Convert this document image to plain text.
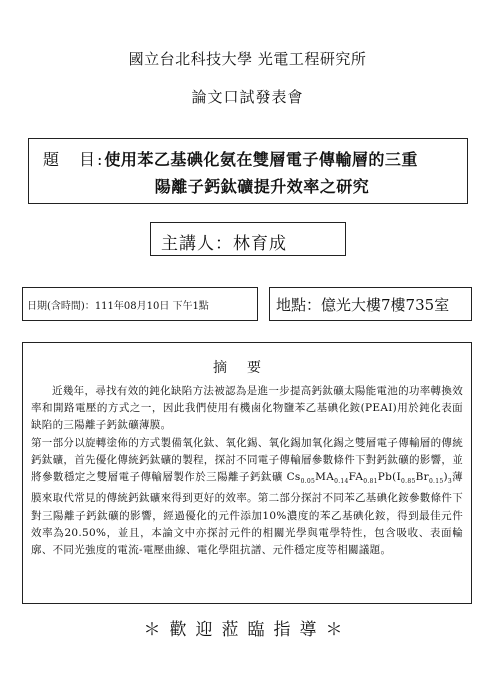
國立台北科技大學 光電工程研究所
論文口試發表會
題　目:使用苯乙基碘化氨在雙層電子傳輸層的三重
陽離子鈣鈦礦提升效率之研究
主講人：林育成
日期(含時間)：111年08月10日 下午1點	地點：億光大樓7樓735室
摘要

近幾年，尋找有效的鈍化缺陷方法被認為是進一步提高鈣鈦礦太陽能電池的功率轉換效率和開路電壓的方式之一，因此我們使用有機鹵化物鹽苯乙基碘化銨(PEAI)用於鈍化表面缺陷的三陽離子鈣鈦礦薄膜。

第一部分以旋轉塗佈的方式製備氧化鈦、氧化錫、氧化錫加氧化錫之雙層電子傳輸層的傳統鈣鈦礦，首先優化傳統鈣鈦礦的製程，探討不同電子傳輸層參數條件下對鈣鈦礦的影響，並將參數穩定之雙層電子傳輸層製作於三陽離子鈣鈦礦 $Cs_{0.05}MA_{0.14}FA_{0.81}Pb(I_{0.85}Br_{0.15})_3$薄膜來取代常見的傳統鈣鈦礦來得到更好的效率。第二部分探討不同苯乙基碘化銨參數條件下對三陽離子鈣鈦礦的影響，經過優化的元件添加10%濃度的苯乙基碘化銨，得到最佳元件效率為20.50%，並且，本論文中亦探討元件的相關光學與電學特性，包含吸收、表面輪廓、不同光強度的電流-電壓曲線、電化學阻抗譜、元件穩定度等相關議題。

＊歡迎蒞臨指導＊
